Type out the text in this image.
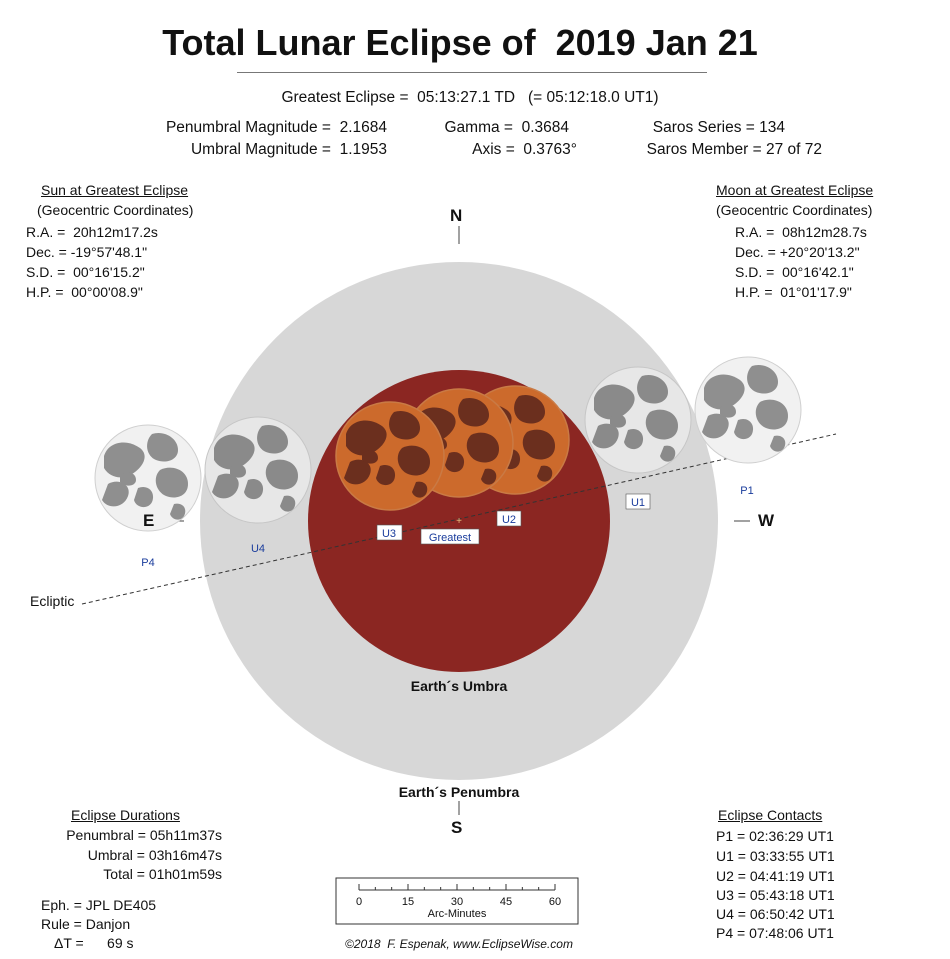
Total Lunar Eclipse of  2019 Jan 21
Greatest Eclipse =  05:13:27.1 TD   (= 05:12:18.0 UT1)
Penumbral Magnitude =  2.1684
Umbral Magnitude =  1.1953
Gamma =  0.3684
Axis =  0.3763°
Saros Series = 134
Saros Member = 27 of 72
+
P1
U1
U2
Greatest
U3
U4
P4
Ecliptic
Earth´s Umbra
Earth´s Penumbra
0	15	30	45	60
N
S
E	W
Sun at Greatest Eclipse
(Geocentric Coordinates)
R.A. =  20h12m17.2s
Dec. = -19°57'48.1"
S.D. =  00°16'15.2"
H.P. =  00°00'08.9"
Moon at Greatest Eclipse
(Geocentric Coordinates)
R.A. =  08h12m28.7s
Dec. = +20°20'13.2"
S.D. =  00°16'42.1"
H.P. =  01°01'17.9"
Eclipse Durations
Penumbral = 05h11m37s
Umbral = 03h16m47s
Total = 01h01m59s
Eph. = JPL DE405
Rule = Danjon
ΔT =      69 s
Arc-Minutes
©2018  F. Espenak, www.EclipseWise.com
Eclipse Contacts
P1 = 02:36:29 UT1
U1 = 03:33:55 UT1
U2 = 04:41:19 UT1
U3 = 05:43:18 UT1
U4 = 06:50:42 UT1
P4 = 07:48:06 UT1
